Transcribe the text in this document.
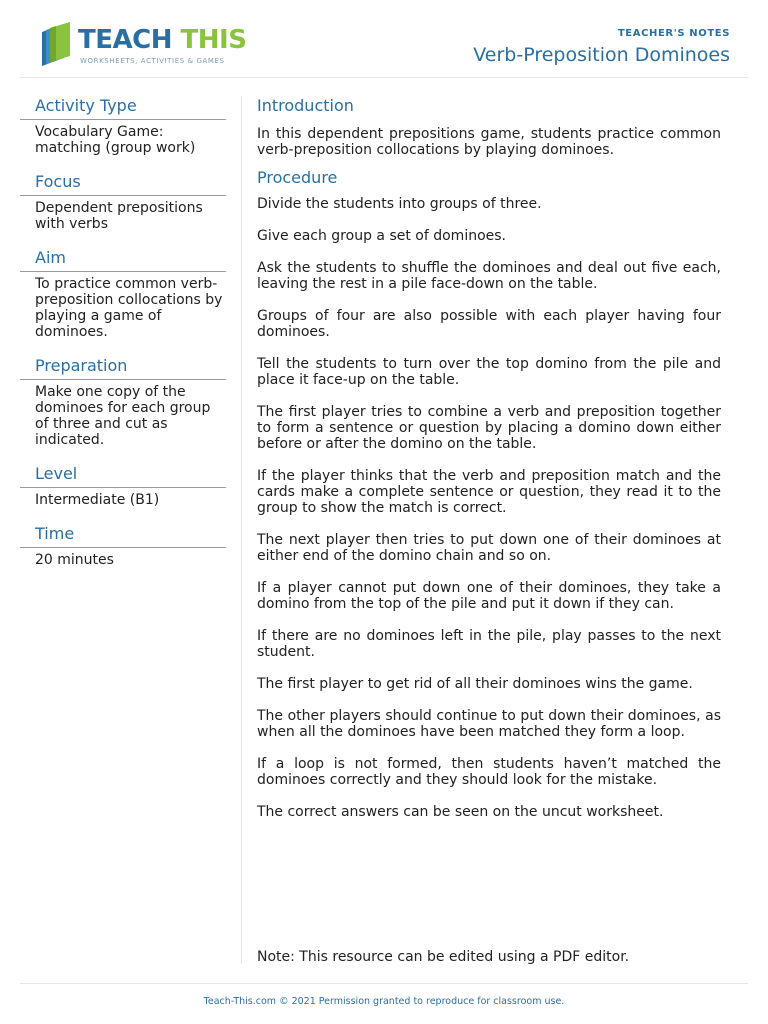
TEACH THIS
WORKSHEETS, ACTIVITIES & GAMES
TEACHER'S NOTES
Verb-Preposition Dominoes
Activity Type
Vocabulary Game: matching (group work)
Focus
Dependent prepositions with verbs
Aim
To practice common verb-preposition collocations by playing a game of dominoes.
Preparation
Make one copy of the dominoes for each group of three and cut as indicated.
Level
Intermediate (B1)
Time
20 minutes
Introduction

In this dependent prepositions game, students practice common verb-preposition collocations by playing dominoes.

Procedure
Divide the students into groups of three.
Give each group a set of dominoes.
Ask the students to shuffle the dominoes and deal out five each, leaving the rest in a pile face-down on the table.
Groups of four are also possible with each player having four dominoes.
Tell the students to turn over the top domino from the pile and place it face-up on the table.
The first player tries to combine a verb and preposition together to form a sentence or question by placing a domino down either before or after the domino on the table.
If the player thinks that the verb and preposition match and the cards make a complete sentence or question, they read it to the group to show the match is correct.
The next player then tries to put down one of their dominoes at either end of the domino chain and so on.
If a player cannot put down one of their dominoes, they take a domino from the top of the pile and put it down if they can.
If there are no dominoes left in the pile, play passes to the next student.
The first player to get rid of all their dominoes wins the game.
The other players should continue to put down their dominoes, as when all the dominoes have been matched they form a loop.
If a loop is not formed, then students haven’t matched the dominoes correctly and they should look for the mistake.
The correct answers can be seen on the uncut worksheet.
Note: This resource can be edited using a PDF editor.
Teach-This.com © 2021 Permission granted to reproduce for classroom use.
